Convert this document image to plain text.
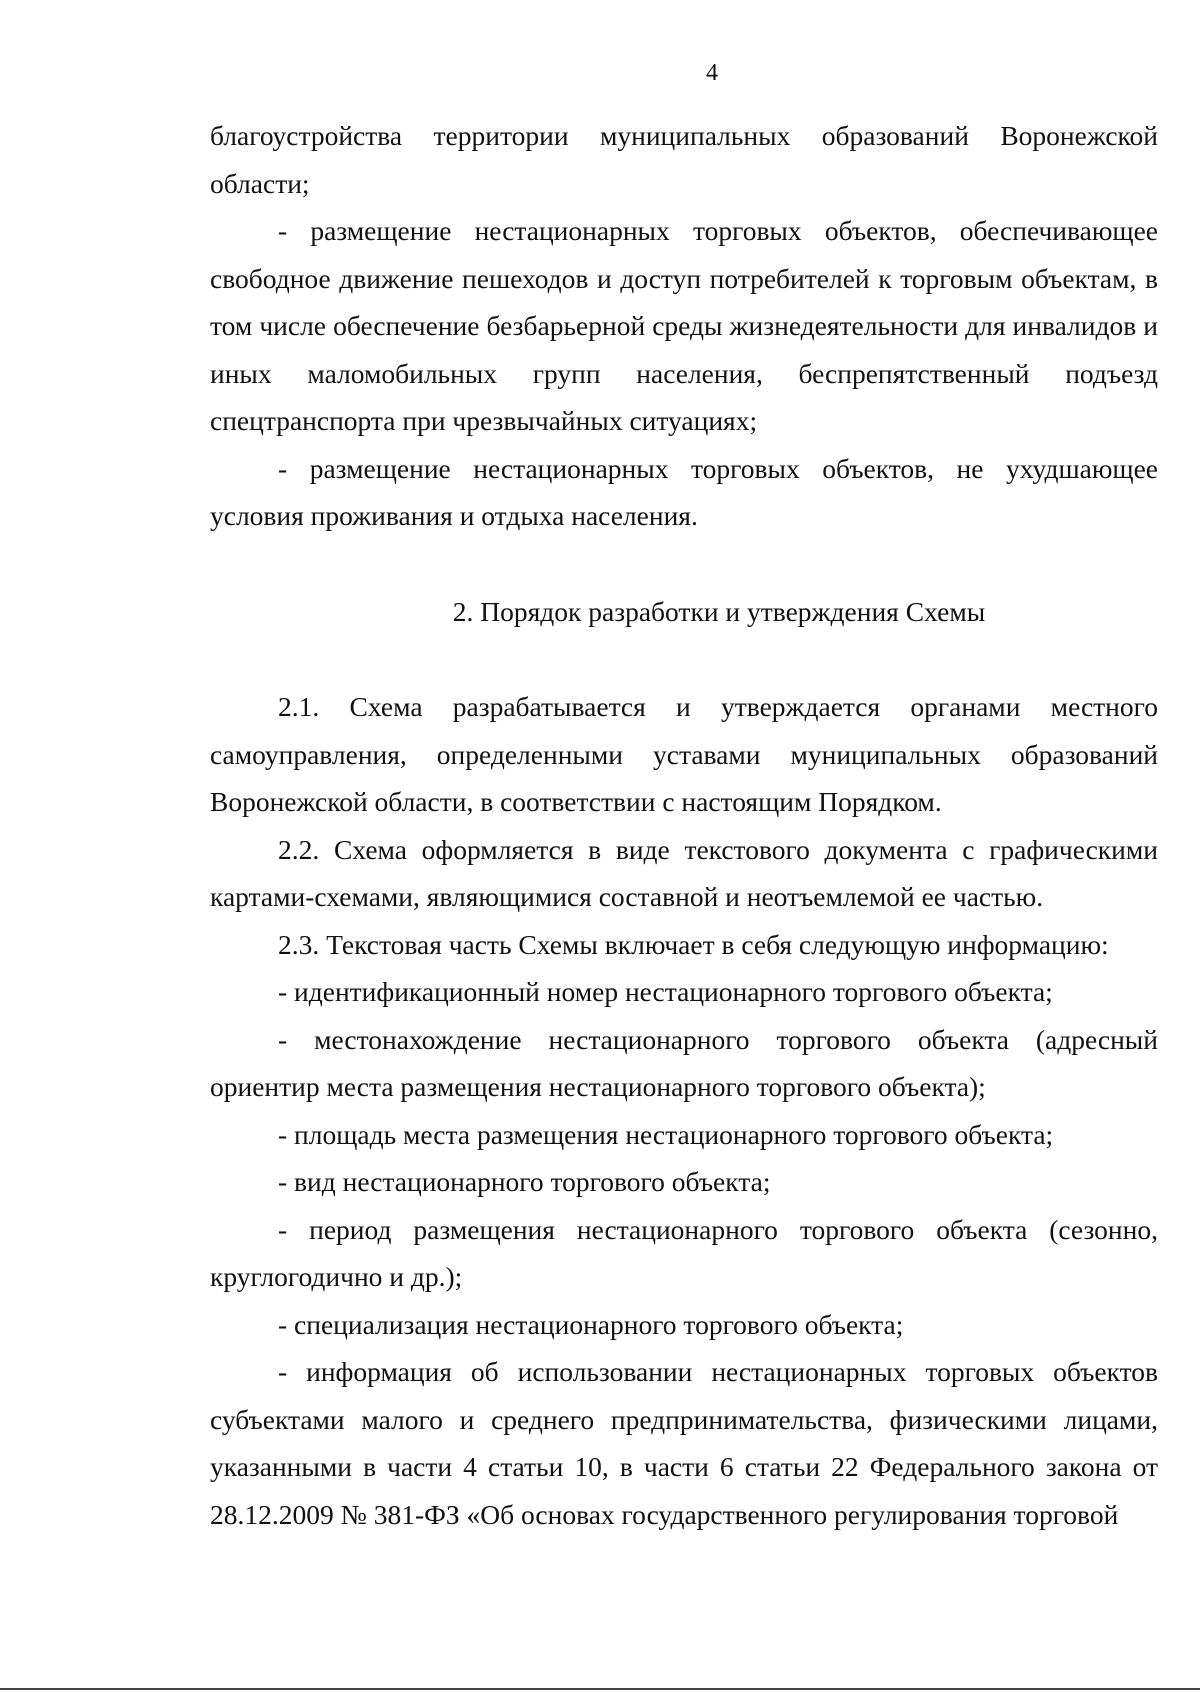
4

благоустройства территории муниципальных образований Воронежской области;

- размещение нестационарных торговых объектов, обеспечивающее свободное движение пешеходов и доступ потребителей к торговым объектам, в том числе обеспечение безбарьерной среды жизнедеятельности для инвалидов и иных маломобильных групп населения, беспрепятственный подъезд спецтранспорта при чрезвычайных ситуациях;

- размещение нестационарных торговых объектов, не ухудшающее условия проживания и отдыха населения.

2. Порядок разработки и утверждения Схемы

2.1. Схема разрабатывается и утверждается органами местного самоуправления, определенными уставами муниципальных образований Воронежской области, в соответствии с настоящим Порядком.

2.2. Схема оформляется в виде текстового документа с графическими картами-схемами, являющимися составной и неотъемлемой ее частью.

2.3. Текстовая часть Схемы включает в себя следующую информацию:

- идентификационный номер нестационарного торгового объекта;

- местонахождение нестационарного торгового объекта (адресный ориентир места размещения нестационарного торгового объекта);

- площадь места размещения нестационарного торгового объекта;

- вид нестационарного торгового объекта;

- период размещения нестационарного торгового объекта (сезонно, круглогодично и др.);

- специализация нестационарного торгового объекта;

- информация об использовании нестационарных торговых объектов субъектами малого и среднего предпринимательства, физическими лицами, указанными в части 4 статьи 10, в части 6 статьи 22 Федерального закона от 28.12.2009 № 381-ФЗ «Об основах государственного регулирования торговой
